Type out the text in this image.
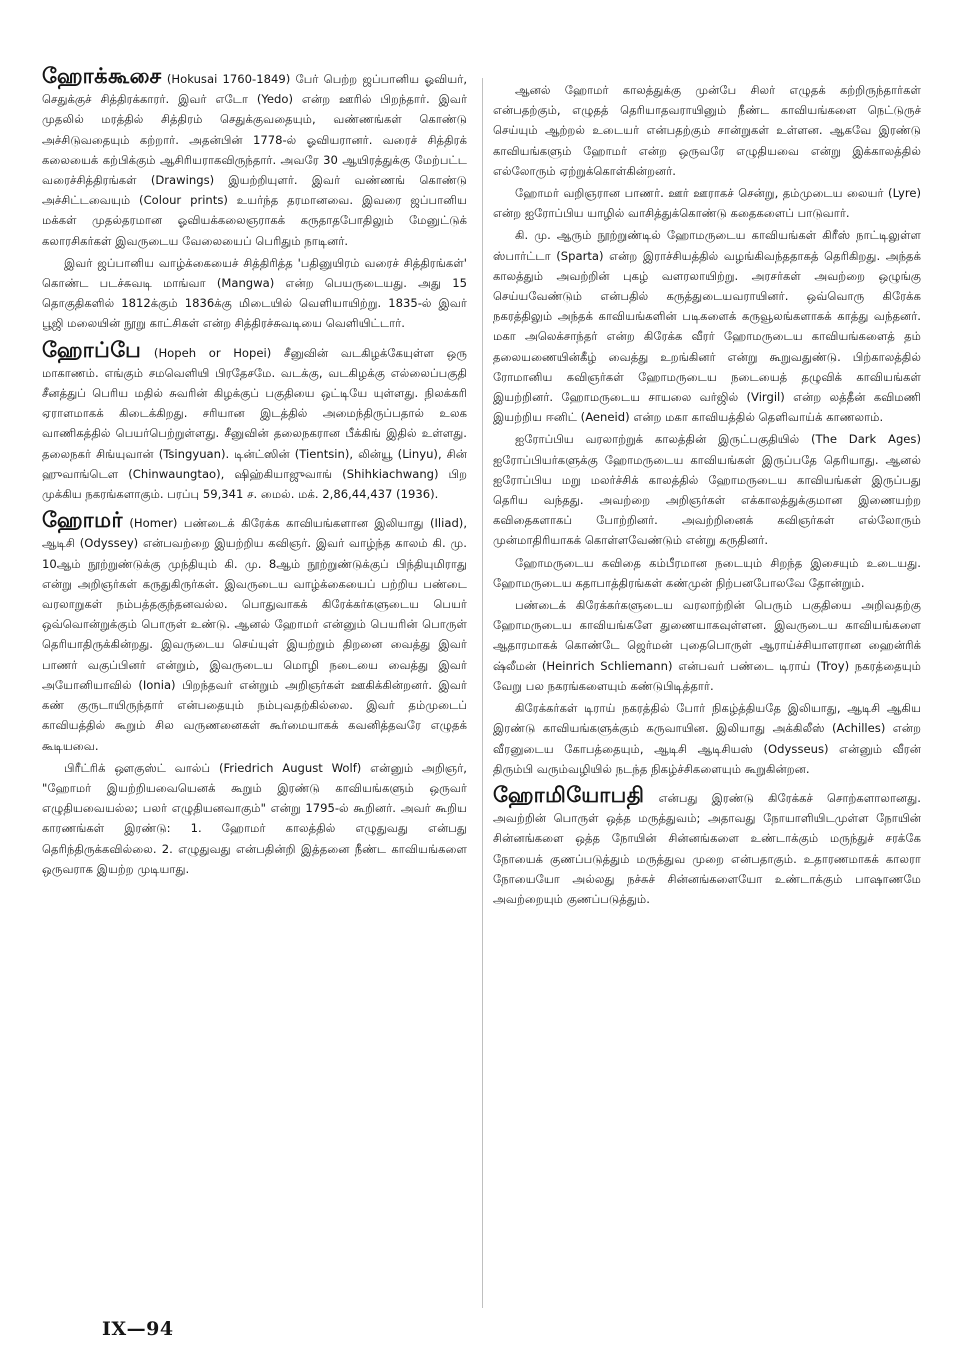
ஹோக்கூசை (Hokusai 1760-1849) பேர் பெற்ற ஜப்பானிய ஓவியர், செதுக்குச் சித்திரக்காரர். இவர் எடோ (Yedo) என்ற ஊரில் பிறந்தார். இவர் முதலில் மரத்தில் சித்திரம் செதுக்குவதையும், வண்ணங்கள் கொண்டு அச்சிடுவதையும் கற்றார். அதன்பின் 1778-ல் ஓவியரானர். வரைச் சித்திரக் கலையைக் கற்பிக்கும் ஆசிரியராகவிருந்தார். அவரே 30 ஆயிரத்துக்கு மேற்பட்ட வரைச்சித்திரங்கள் (Drawings) இயற்றியுளர். இவர் வண்ணங் கொண்டு அச்சிட்டவையும் (Colour prints) உயர்ந்த தரமானவை. இவரை ஜப்பானிய மக்கள் முதல்தரமான ஓவியக்கலைஞராகக் கருதாதபோதிலும் மேனுட்டுக் கலாரசிகர்கள் இவருடைய வேலையைப் பெரிதும் நாடினர்.

இவர் ஜப்பானிய வாழ்க்கையைச் சித்திரித்த 'பதினுயிரம் வரைச் சித்திரங்கள்' கொண்ட படச்சுவடி மாங்வா (Mangwa) என்ற பெயருடையது. அது 15 தொகுதிகளில் 1812க்கும் 1836க்கு மிடையில் வெளியாயிற்று. 1835-ல் இவர் பூஜி மலையின் நூறு காட்சிகள் என்ற சித்திரச்சுவடியை வெளியிட்டார்.

ஹோப்பே (Hopeh or Hopei) சீனுவின் வடகிழக்கேயுள்ள ஒரு மாகாணம். எங்கும் சமவெளியி பிரதேசமே. வடக்கு, வடகிழக்கு எல்லைப்பகுதி சீனத்துப் பெரிய மதில் சுவரின் கிழக்குப் பகுதியை ஒட்டியே யுள்ளது. நிலக்கரி ஏராளமாகக் கிடைக்கிறது. சரியான இடத்தில் அமைந்திருப்பதால் உலக வாணிகத்தில் பெயர்பெற்றுள்ளது. சீனுவின் தலைநகரான பீக்கிங் இதில் உள்ளது. தலைநகர் சிங்யுவான் (Tsingyuan). டின்ட்ஸின் (Tientsin), லின்யூ (Linyu), சின் ஹுவாங்டௌ (Chinwaungtao), ஷிஹ்கியாஜுவாங் (Shihkiachwang) பிற முக்கிய நகரங்களாகும். பரப்பு 59,341 ச. மைல். மக். 2,86,44,437 (1936).

ஹோமர் (Homer) பண்டைக் கிரேக்க காவியங்களான இலியாது (Iliad), ஆடிசி (Odyssey) என்பவற்றை இயற்றிய கவிஞர். இவர் வாழ்ந்த காலம் கி. மு. 10ஆம் நூற்றுண்டுக்கு முந்தியும் கி. மு. 8ஆம் நூற்றுண்டுக்குப் பிந்தியுமிராது என்று அறிஞர்கள் கருதுகிருர்கள். இவருடைய வாழ்க்கையைப் பற்றிய பண்டை வரலாறுகள் நம்பத்தகுந்தனவல்ல. பொதுவாகக் கிரேக்கர்களுடைய பெயர் ஒவ்வொன்றுக்கும் பொருள் உண்டு. ஆனல் ஹோமர் என்னும் பெயரின் பொருள் தெரியாதிருக்கின்றது. இவருடைய செய்யுள் இயற்றும் திறனை வைத்து இவர் பாணர் வகுப்பினர் என்றும், இவருடைய மொழி நடையை வைத்து இவர் அயோனியாவில் (Ionia) பிறந்தவர் என்றும் அறிஞர்கள் ஊகிக்கின்றனர். இவர் கண் குருடாயிருந்தார் என்பதையும் நம்புவதற்கில்லை. இவர் தம்முடைப் காவியத்தில் கூறும் சில வருணனைகள் கூர்மையாகக் கவனித்தவரே எழுதக் கூடியவை.

பிரீட்ரிக் ஔகுஸ்ட் வால்ப் (Friedrich August Wolf) என்னும் அறிஞர், "ஹோமர் இயற்றியவையெனக் கூறும் இரண்டு காவியங்களும் ஒருவர் எழுதியவையல்ல; பலர் எழுதியனவாகும்" என்று 1795-ல் கூறினர். அவர் கூறிய காரணங்கள் இரண்டு: 1. ஹோமர் காலத்தில் எழுதுவது என்பது தெரிந்திருக்கவில்லை. 2. எழுதுவது என்பதின்றி இத்தனை நீண்ட காவியங்களை ஒருவராக இயற்ற முடியாது.

ஆனல் ஹோமர் காலத்துக்கு முன்பே சிலர் எழுதக் கற்றிருந்தார்கள் என்பதற்கும், எழுதத் தெரியாதவராயினும் நீண்ட காவியங்களை நெட்டுருச் செய்யும் ஆற்றல் உடையர் என்பதற்கும் சான்றுகள் உள்ளன. ஆகவே இரண்டு காவியங்களும் ஹோமர் என்ற ஒருவரே எழுதியவை என்று இக்காலத்தில் எல்லோரும் ஏற்றுக்கொள்கின்றனர்.

ஹோமர் வறிஞரான பாணர். ஊர் ஊராகச் சென்று, தம்முடைய லையர் (Lyre) என்ற ஐரோப்பிய யாழில் வாசித்துக்கொண்டு கதைகளைப் பாடுவார்.

கி. மு. ஆரும் நூற்றுண்டில் ஹோமருடைய காவியங்கள் கிரீஸ் நாட்டிலுள்ள ஸ்பார்ட்டா (Sparta) என்ற இராச்சியத்தில் வழங்கிவந்ததாகத் தெரிகிறது. அந்தக் காலத்தும் அவற்றின் புகழ் வளரலாயிற்று. அரசர்கள் அவற்றை ஒழுங்கு செய்யவேண்டும் என்பதில் கருத்துடையவராயினர். ஒவ்வொரு கிரேக்க நகரத்திலும் அந்தக் காவியங்களின் படிகளைக் கருவூலங்களாகக் காத்து வந்தனர். மகா அலெக்சாந்தர் என்ற கிரேக்க வீரர் ஹோமருடைய காவியங்களைத் தம் தலையணையின்கீழ் வைத்து உறங்கினர் என்று கூறுவதுண்டு. பிற்காலத்தில் ரோமானிய கவிஞர்கள் ஹோமருடைய நடையைத் தழுவிக் காவியங்கள் இயற்றினர். ஹோமருடைய சாயலை வர்ஜில் (Virgil) என்ற லத்தீன் கவிமணி இயற்றிய ஈனிட் (Aeneid) என்ற மகா காவியத்தில் தெளிவாய்க் காணலாம்.

ஐரோப்பிய வரலாற்றுக் காலத்தின் இருட்பகுதியில் (The Dark Ages) ஐரோப்பியர்களுக்கு ஹோமருடைய காவியங்கள் இருப்பதே தெரியாது. ஆனல் ஐரோப்பிய மறு மலர்ச்சிக் காலத்தில் ஹோமருடைய காவியங்கள் இருப்பது தெரிய வந்தது. அவற்றை அறிஞர்கள் எக்காலத்துக்குமான இணையற்ற கவிதைகளாகப் போற்றினர். அவற்றினைக் கவிஞர்கள் எல்லோரும் முன்மாதிரியாகக் கொள்ளவேண்டும் என்று கருதினர்.

ஹோமருடைய கவிதை கம்பீரமான நடையும் சிறந்த இசையும் உடையது. ஹோமருடைய கதாபாத்திரங்கள் கண்முன் நிற்பனபோலவே தோன்றும்.

பண்டைக் கிரேக்கர்களுடைய வரலாற்றின் பெரும் பகுதியை அறிவதற்கு ஹோமருடைய காவியங்களே துணையாகவுள்ளன. இவருடைய காவியங்களை ஆதாரமாகக் கொண்டே ஜெர்மன் புதைபொருள் ஆராய்ச்சியாளரான ஹைன்ரிக் ஷ்லீமன் (Heinrich Schliemann) என்பவர் பண்டை டிராய் (Troy) நகரத்தையும் வேறு பல நகரங்களையும் கண்டுபிடித்தார்.

கிரேக்கர்கள் டிராய் நகரத்தில் போர் நிகழ்த்தியதே இலியாது, ஆடிசி ஆகிய இரண்டு காவியங்களுக்கும் கருவாயின. இலியாது அக்கிலீஸ் (Achilles) என்ற வீரனுடைய கோபத்தையும், ஆடிசி ஆடிசியஸ் (Odysseus) என்னும் வீரன் திரும்பி வரும்வழியில் நடந்த நிகழ்ச்சிகளையும் கூறுகின்றன.

ஹோமியோபதி என்பது இரண்டு கிரேக்கச் சொற்களாலானது. அவற்றின் பொருள் ஒத்த மருத்துவம்; அதாவது நோயாளியிடமுள்ள நோயின் சின்னங்களை ஒத்த நோயின் சின்னங்களை உண்டாக்கும் மருந்துச் சரக்கே நோயைக் குணப்படுத்தும் மருத்துவ முறை என்பதாகும். உதாரணமாகக் காலரா நோயையோ அல்லது நச்சுச் சின்னங்களையோ உண்டாக்கும் பாஷாணமே அவற்றையும் குணப்படுத்தும்.

IX—94
